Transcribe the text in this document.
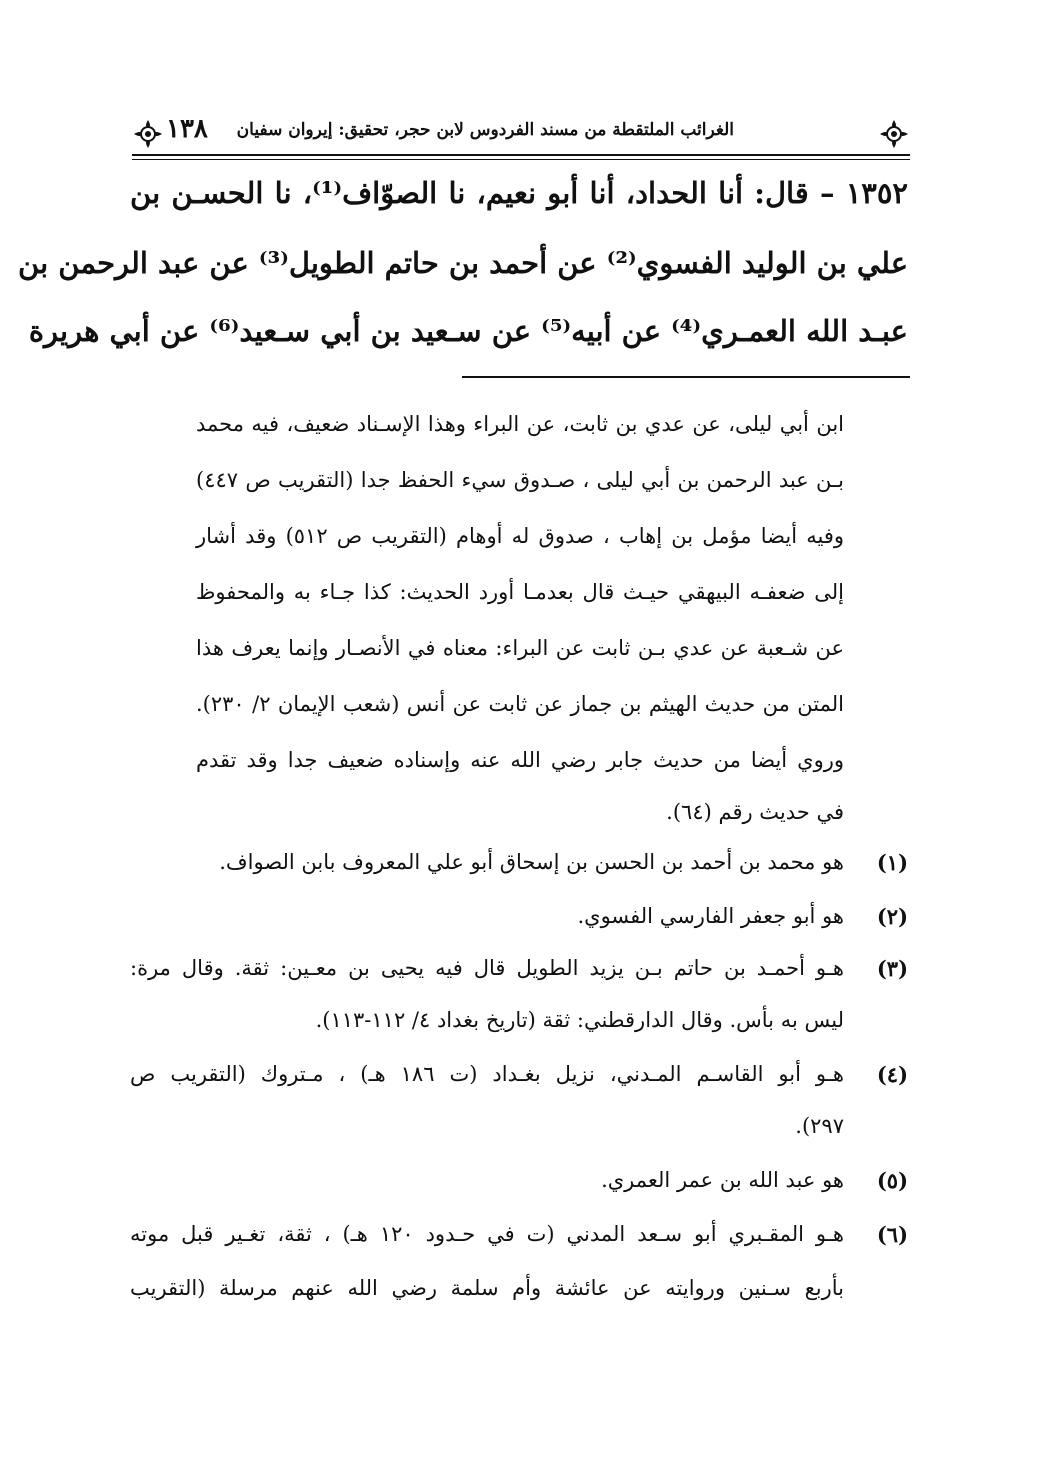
١٣٨ الغرائب الملتقطة من مسند الفردوس لابن حجر، تحقيق: إيروان سفيان
١٣٥٢ – قال: أنا الحداد، أنا أبو نعيم، نا الصوّاف⁽¹⁾، نا الحسـن بن
علي بن الوليد الفسوي⁽²⁾ عن أحمد بن حاتم الطويل⁽³⁾ عن عبد الرحمن بن
عبـد الله العمـري⁽⁴⁾ عن أبيه⁽⁵⁾ عن سـعيد بن أبي سـعيد⁽⁶⁾ عن أبي هريرة
ابن أبي ليلى، عن عدي بن ثابت، عن البراء وهذا الإسـناد ضعيف، فيه محمد
بـن عبد الرحمن بن أبي ليلى ، صـدوق سيء الحفظ جدا (التقريب ص ٤٤٧)
وفيه أيضا مؤمل بن إهاب ، صدوق له أوهام (التقريب ص ٥١٢) وقد أشار
إلى ضعفـه البيهقي حيـث قال بعدمـا أورد الحديث: كذا جـاء به والمحفوظ
عن شـعبة عن عدي بـن ثابت عن البراء: معناه في الأنصـار وإنما يعرف هذا
المتن من حديث الهيثم بن جماز عن ثابت عن أنس (شعب الإيمان ٢/ ٢٣٠).
وروي أيضا من حديث جابر رضي الله عنه وإسناده ضعيف جدا وقد تقدم
في حديث رقم (٦٤).
(١)
هو محمد بن أحمد بن الحسن بن إسحاق أبو علي المعروف بابن الصواف.
(٢)
هو أبو جعفر الفارسي الفسوي.
(٣)
هـو أحمـد بن حاتم بـن يزيد الطويل قال فيه يحيى بن معـين: ثقة. وقال مرة:
ليس به بأس. وقال الدارقطني: ثقة (تاريخ بغداد ٤/ ١١٢-١١٣).
(٤)
هـو أبو القاسـم المـدني، نزيل بغـداد (ت ١٨٦ هـ) ، مـتروك (التقريب ص
٢٩٧).
(٥)
هو عبد الله بن عمر العمري.
(٦)
هـو المقـبري أبو سـعد المدني (ت في حـدود ١٢٠ هـ) ، ثقة، تغـير قبل موته
بأربع سـنين وروايته عن عائشة وأم سلمة رضي الله عنهم مرسلة (التقريب
